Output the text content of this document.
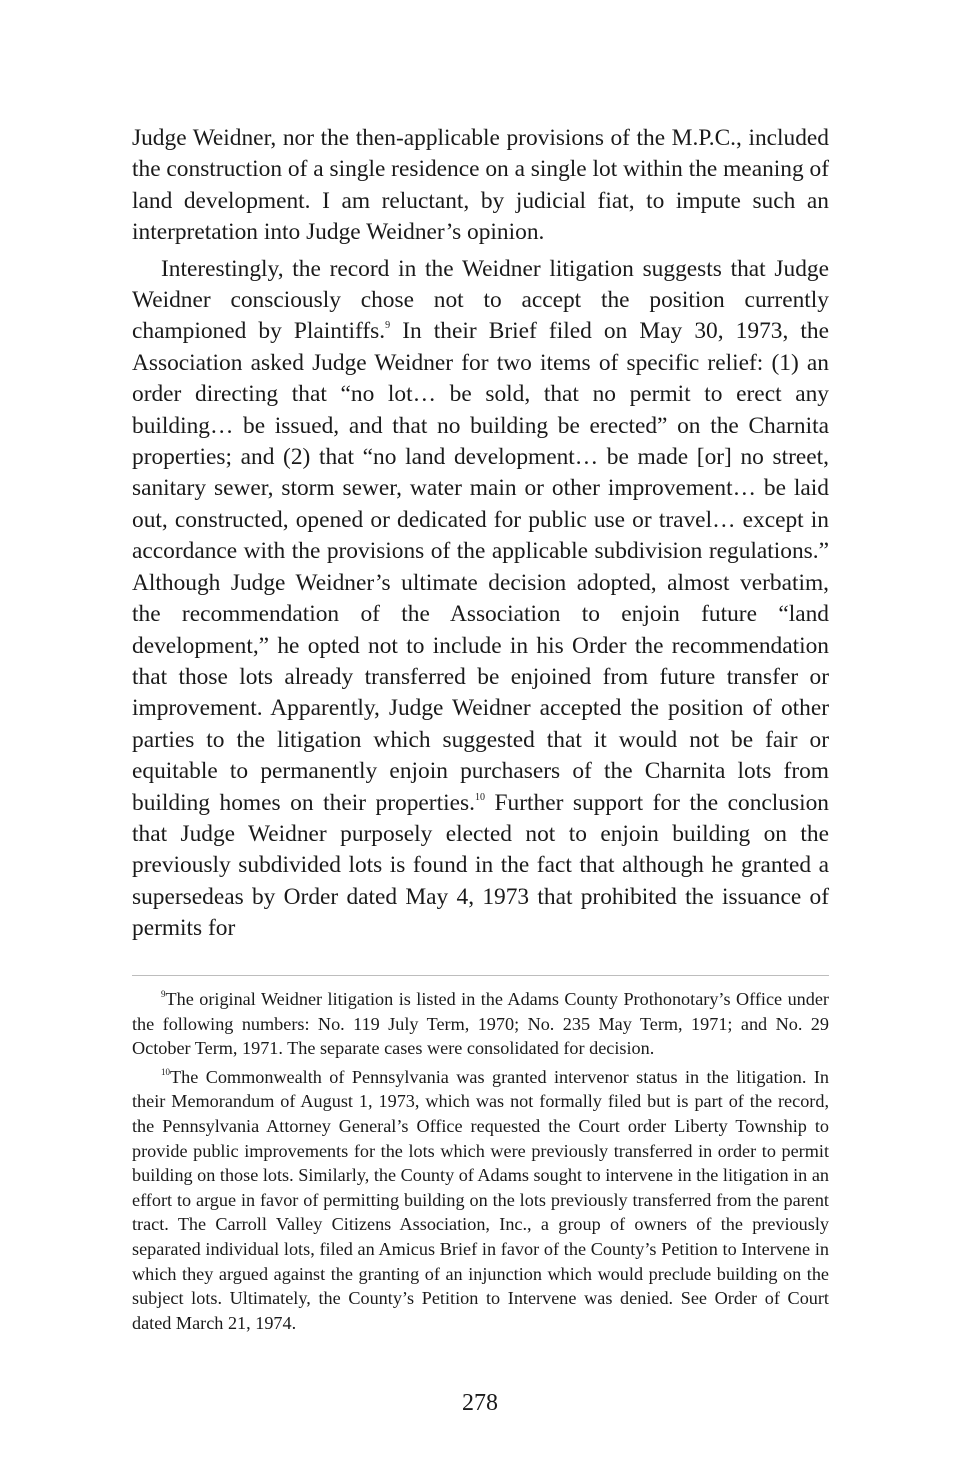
Judge Weidner, nor the then-applicable provisions of the M.P.C., included the construction of a single residence on a single lot within the meaning of land development. I am reluctant, by judicial fiat, to impute such an interpretation into Judge Weidner’s opinion.

Interestingly, the record in the Weidner litigation suggests that Judge Weidner consciously chose not to accept the position currently championed by Plaintiffs.$^9$ In their Brief filed on May 30, 1973, the Association asked Judge Weidner for two items of specific relief: (1) an order directing that “no lot… be sold, that no permit to erect any building… be issued, and that no building be erected” on the Charnita properties; and (2) that “no land development… be made [or] no street, sanitary sewer, storm sewer, water main or other improvement… be laid out, constructed, opened or dedicated for public use or travel… except in accordance with the provisions of the applicable subdivision regulations.” Although Judge Weidner’s ultimate decision adopted, almost verbatim, the recommendation of the Association to enjoin future “land development,” he opted not to include in his Order the recommendation that those lots already transferred be enjoined from future transfer or improvement. Apparently, Judge Weidner accepted the position of other parties to the litigation which suggested that it would not be fair or equitable to permanently enjoin purchasers of the Charnita lots from building homes on their properties.$^{10}$ Further support for the conclusion that Judge Weidner purposely elected not to enjoin building on the previously subdivided lots is found in the fact that although he granted a supersedeas by Order dated May 4, 1973 that prohibited the issuance of permits for

$^9$The original Weidner litigation is listed in the Adams County Prothonotary’s Office under the following numbers: No. 119 July Term, 1970; No. 235 May Term, 1971; and No. 29 October Term, 1971. The separate cases were consolidated for decision.

$^{10}$The Commonwealth of Pennsylvania was granted intervenor status in the litigation. In their Memorandum of August 1, 1973, which was not formally filed but is part of the record, the Pennsylvania Attorney General’s Office requested the Court order Liberty Township to provide public improvements for the lots which were previously transferred in order to permit building on those lots. Similarly, the County of Adams sought to intervene in the litigation in an effort to argue in favor of permitting building on the lots previously transferred from the parent tract. The Carroll Valley Citizens Association, Inc., a group of owners of the previously separated individual lots, filed an Amicus Brief in favor of the County’s Petition to Intervene in which they argued against the granting of an injunction which would preclude building on the subject lots. Ultimately, the County’s Petition to Intervene was denied. See Order of Court dated March 21, 1974.

278
